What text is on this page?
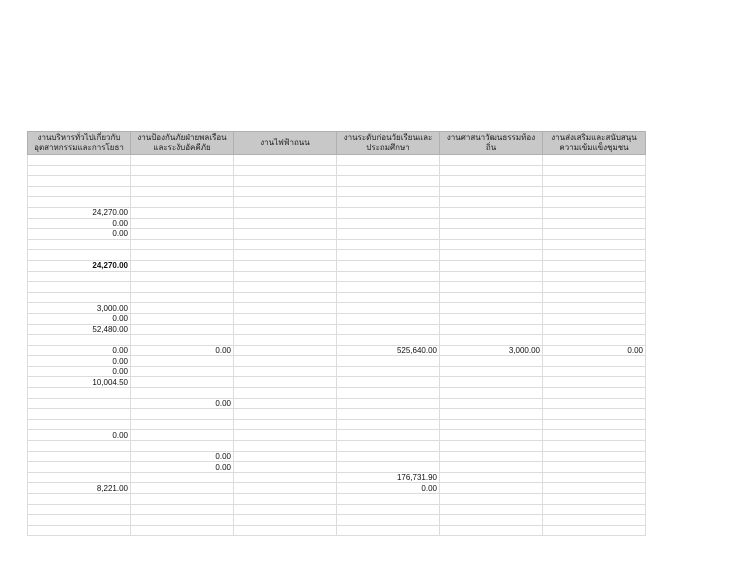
งานบริหารทั่วไปเกี่ยวกับอุตสาหกรรมและการโยธา	งานป้องกันภัยฝ่ายพลเรือนและระงับอัคคีภัย	งานไฟฟ้าถนน	งานระดับก่อนวัยเรียนและประถมศึกษา	งานศาสนาวัฒนธรรมท้องถิ่น	งานส่งเสริมและสนับสนุนความเข้มแข็งชุมชน

24,270.00					
0.00					
0.00					

24,270.00					

3,000.00					
0.00					
52,480.00					

0.00	0.00		525,640.00	3,000.00	0.00
0.00					
0.00					
10,004.50					

	0.00				

0.00					

	0.00				
	0.00				
			176,731.90		
8,221.00			0.00		
